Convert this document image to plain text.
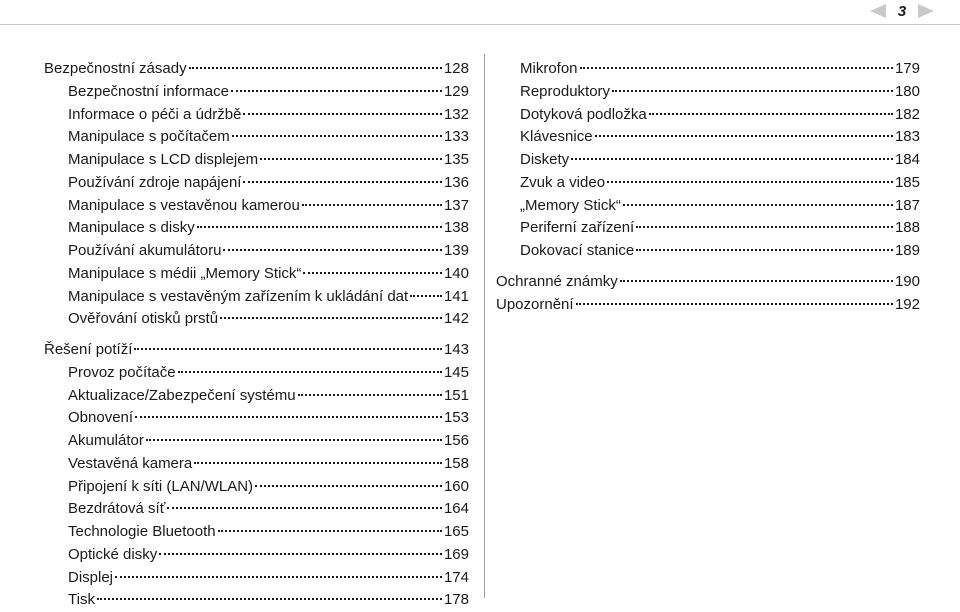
3
Bezpečnostní zásady	128
Bezpečnostní informace	129
Informace o péči a údržbě	132
Manipulace s počítačem	133
Manipulace s LCD displejem	135
Používání zdroje napájení	136
Manipulace s vestavěnou kamerou	137
Manipulace s disky	138
Používání akumulátoru	139
Manipulace s médii „Memory Stick“	140
Manipulace s vestavěným zařízením k ukládání dat 141
Ověřování otisků prstů	142
Řešení potíží	143
Provoz počítače	145
Aktualizace/Zabezpečení systému	151
Obnovení	153
Akumulátor	156
Vestavěná kamera	158
Připojení k síti (LAN/WLAN)	160
Bezdrátová síť	164
Technologie Bluetooth	165
Optické disky	169
Displej	174
Tisk	178
Mikrofon	179
Reproduktory	180
Dotyková podložka	182
Klávesnice	183
Diskety	184
Zvuk a video	185
„Memory Stick“	187
Periferní zařízení	188
Dokovací stanice	189
Ochranné známky	190
Upozornění	192
